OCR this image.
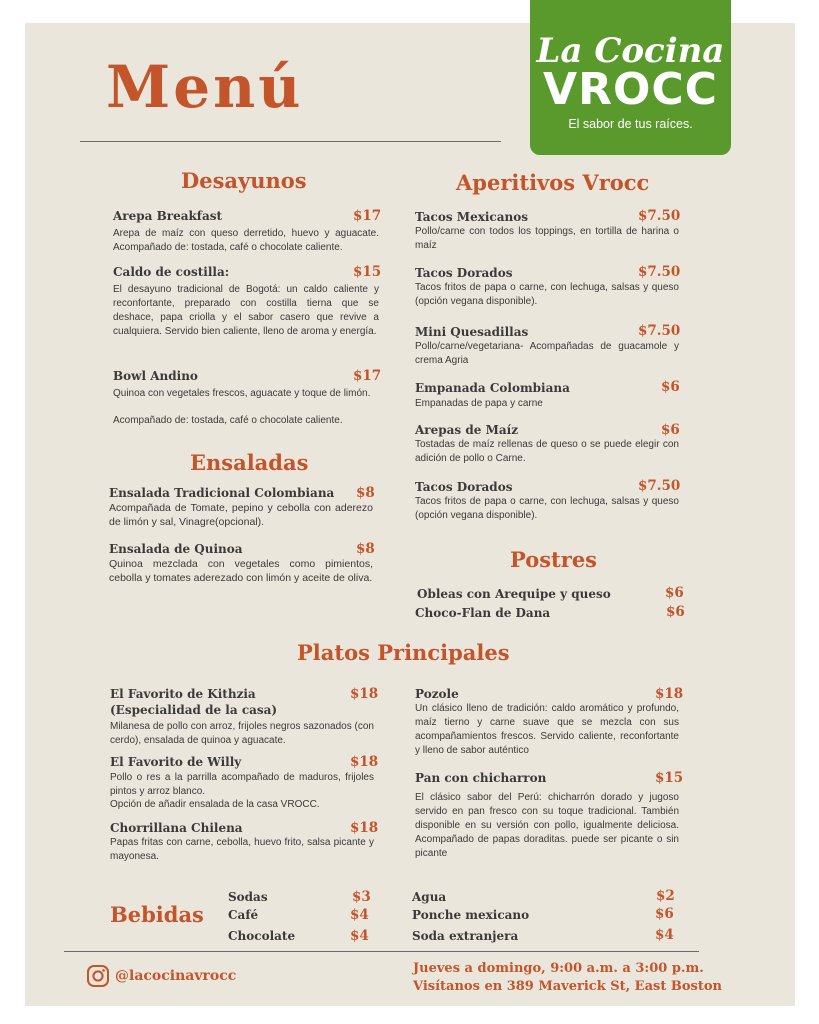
Menú
La Cocina
VROCC
El sabor de tus raíces.
Desayunos
Arepa Breakfast	$17
Arepa de maíz con queso derretido, huevo y aguacate. Acompañado de: tostada, café o chocolate caliente.
Caldo de costilla:	$15
El desayuno tradicional de Bogotá: un caldo caliente y reconfortante, preparado con costilla tierna que se deshace, papa criolla y el sabor casero que revive a cualquiera. Servido bien caliente, lleno de aroma y energía.
Bowl Andino	$17
Quinoa con vegetales frescos, aguacate y toque de limón.
Acompañado de: tostada, café o chocolate caliente.
Ensaladas
Ensalada Tradicional Colombiana $8
Acompañada de Tomate, pepino y cebolla con aderezo de limón y sal, Vinagre(opcional).
Ensalada de Quinoa	$8
Quinoa mezclada con vegetales como pimientos, cebolla y tomates aderezado con limón y aceite de oliva.
Aperitivos Vrocc
Tacos Mexicanos	$7.50
Pollo/carne con todos los toppings, en tortilla de harina o maíz
Tacos Dorados	$7.50
Tacos fritos de papa o carne, con lechuga, salsas y queso (opción vegana disponible).
Mini Quesadillas	$7.50
Pollo/carne/vegetariana- Acompañadas de guacamole y crema Agria
Empanada Colombiana	$6
Empanadas de papa y carne
Arepas de Maíz	$6
Tostadas de maíz rellenas de queso o se puede elegir con adición de pollo o Carne.
Tacos Dorados	$7.50
Tacos fritos de papa o carne, con lechuga, salsas y queso (opción vegana disponible).
Postres
Obleas con Arequipe y queso	$6
Choco-Flan de Dana	$6
Platos Principales
El Favorito de Kithzia
(Especialidad de la casa)
$18
Milanesa de pollo con arroz, frijoles negros sazonados (con cerdo), ensalada de quinoa y aguacate.
El Favorito de Willy	$18
Pollo o res a la parrilla acompañado de maduros, frijoles pintos y arroz blanco.
Opción de añadir ensalada de la casa VROCC.
Chorrillana Chilena	$18
Papas fritas con carne, cebolla, huevo frito, salsa picante y mayonesa.
Pozole	$18
Un clásico lleno de tradición: caldo aromático y profundo, maíz tierno y carne suave que se mezcla con sus acompañamientos frescos. Servido caliente, reconfortante y lleno de sabor auténtico
Pan con chicharron	$15
El clásico sabor del Perú: chicharrón dorado y jugoso servido en pan fresco con su toque tradicional. También disponible en su versión con pollo, igualmente deliciosa. Acompañado de papas doraditas. puede ser picante o sin picante
Bebidas
Sodas	$3
Café	$4
Chocolate	$4
Agua	$2
Ponche mexicano	$6
Soda extranjera	$4
@lacocinavrocc	Jueves a domingo, 9:00 a.m. a 3:00 p.m.
Visítanos en 389 Maverick St, East Boston
